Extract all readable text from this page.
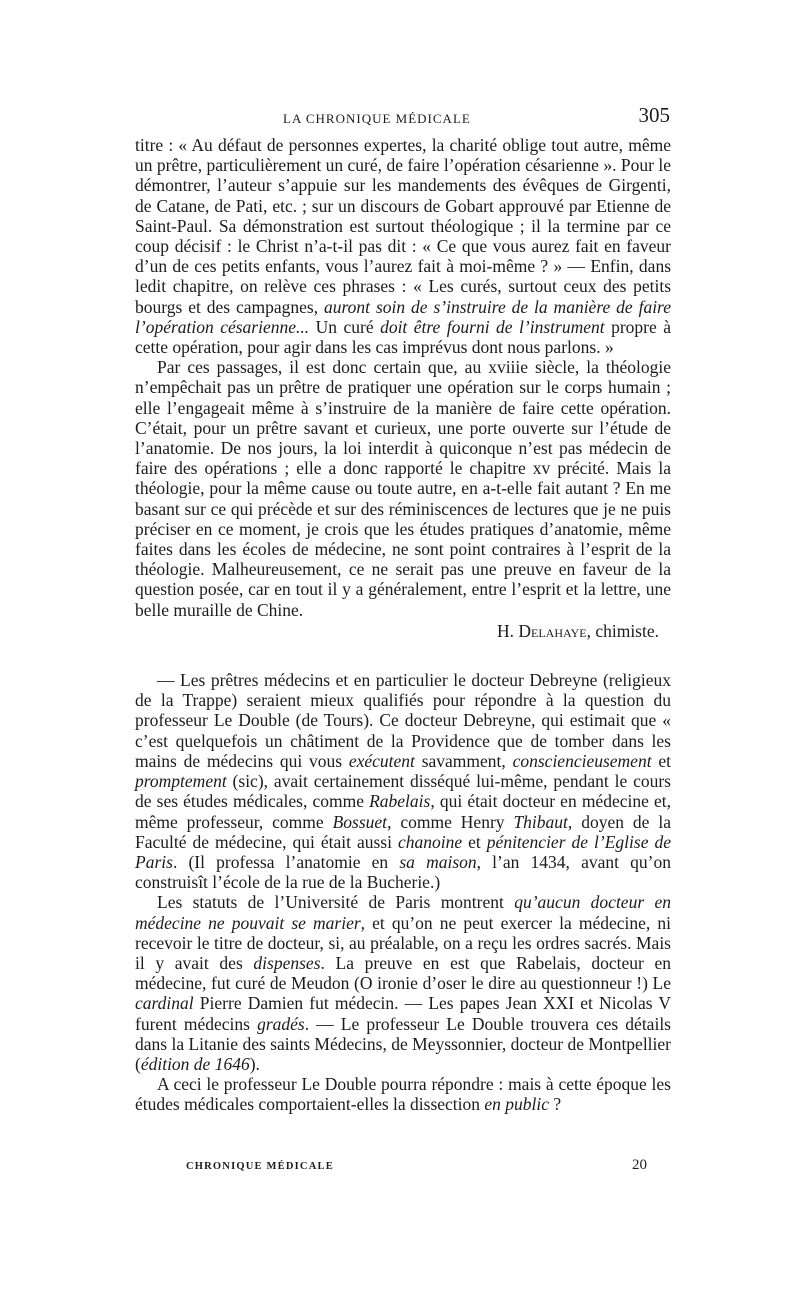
LA CHRONIQUE MÉDICALE	305

titre : « Au défaut de personnes expertes, la charité oblige tout autre, même un prêtre, particulièrement un curé, de faire l’opération césarienne ». Pour le démontrer, l’auteur s’appuie sur les mandements des évêques de Girgenti, de Catane, de Pati, etc. ; sur un discours de Gobart approuvé par Etienne de Saint-Paul. Sa démonstration est surtout théologique ; il la termine par ce coup décisif : le Christ n’a-t-il pas dit : « Ce que vous aurez fait en faveur d’un de ces petits enfants, vous l’aurez fait à moi-même ? » — Enfin, dans ledit chapitre, on relève ces phrases : « Les curés, surtout ceux des petits bourgs et des campagnes, auront soin de s’instruire de la manière de faire l’opération césarienne... Un curé doit être fourni de l’instrument propre à cette opération, pour agir dans les cas imprévus dont nous parlons. »

Par ces passages, il est donc certain que, au xviiie siècle, la théologie n’empêchait pas un prêtre de pratiquer une opération sur le corps humain ; elle l’engageait même à s’instruire de la manière de faire cette opération. C’était, pour un prêtre savant et curieux, une porte ouverte sur l’étude de l’anatomie. De nos jours, la loi interdit à quiconque n’est pas médecin de faire des opérations ; elle a donc rapporté le chapitre xv précité. Mais la théologie, pour la même cause ou toute autre, en a-t-elle fait autant ? En me basant sur ce qui précède et sur des réminiscences de lectures que je ne puis préciser en ce moment, je crois que les études pratiques d’anatomie, même faites dans les écoles de médecine, ne sont point contraires à l’esprit de la théologie. Malheureusement, ce ne serait pas une preuve en faveur de la question posée, car en tout il y a généralement, entre l’esprit et la lettre, une belle muraille de Chine.

H. Delahaye, chimiste.

— Les prêtres médecins et en particulier le docteur Debreyne (religieux de la Trappe) seraient mieux qualifiés pour répondre à la question du professeur Le Double (de Tours). Ce docteur Debreyne, qui estimait que « c’est quelquefois un châtiment de la Providence que de tomber dans les mains de médecins qui vous exécutent savamment, consciencieusement et promptement (sic), avait certainement disséqué lui-même, pendant le cours de ses études médicales, comme Rabelais, qui était docteur en médecine et, même professeur, comme Bossuet, comme Henry Thibaut, doyen de la Faculté de médecine, qui était aussi chanoine et pénitencier de l’Eglise de Paris. (Il professa l’anatomie en sa maison, l’an 1434, avant qu’on construisît l’école de la rue de la Bucherie.)

Les statuts de l’Université de Paris montrent qu’aucun docteur en médecine ne pouvait se marier, et qu’on ne peut exercer la médecine, ni recevoir le titre de docteur, si, au préalable, on a reçu les ordres sacrés. Mais il y avait des dispenses. La preuve en est que Rabelais, docteur en médecine, fut curé de Meudon (O ironie d’oser le dire au questionneur !) Le cardinal Pierre Damien fut médecin. — Les papes Jean XXI et Nicolas V furent médecins gradés. — Le professeur Le Double trouvera ces détails dans la Litanie des saints Médecins, de Meyssonnier, docteur de Montpellier (édition de 1646).

A ceci le professeur Le Double pourra répondre : mais à cette époque les études médicales comportaient-elles la dissection en public ?

CHRONIQUE MÉDICALE	20
